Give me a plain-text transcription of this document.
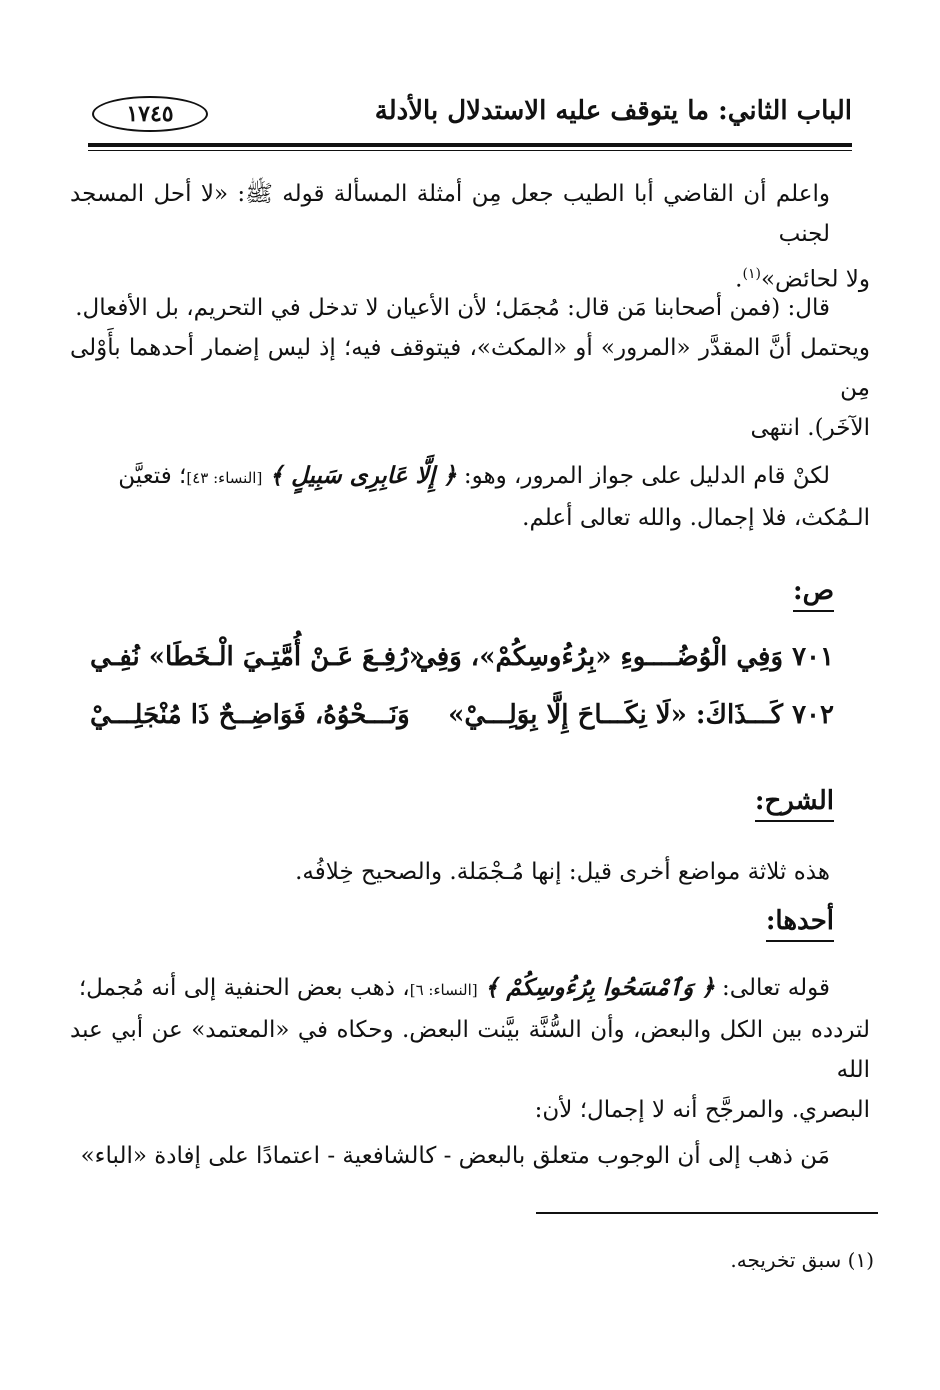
الباب الثاني: ما يتوقف عليه الاستدلال بالأدلة
١٧٤٥
واعلم أن القاضي أبا الطيب جعل مِن أمثلة المسألة قوله ﷺ: «لا أحل المسجد لجنب
ولا لحائض»$^{(١)}$.
قال: (فمن أصحابنا مَن قال: مُجمَل؛ لأن الأعيان لا تدخل في التحريم، بل الأفعال.
ويحتمل أنَّ المقدَّر «المرور» أو «المكث»، فيتوقف فيه؛ إذ ليس إضمار أحدهما بأَوْلى مِن
الآخَر). انتهى
لكنْ قام الدليل على جواز المرور، وهو: ﴿ إِلَّا عَابِرِى سَبِيلٍ ﴾ [النساء: ٤٣]؛ فتعيَّن
الـمُكث، فلا إجمال. والله تعالى أعلم.
ص:
٧٠١ وَفِي الْوُضُــــوءِ «بِرُءُوسِكُمْ»، وَفِي
«رُفِـعَ عَـنْ أُمَّتِـيَ الْـخَطَا» نُفِـي
٧٠٢ كَـــذَاكَ: «لَا نِكَـــاحَ إِلَّا بِوَلِـــيْ»
وَنَـــحْوُهُ، فَوَاضِــحٌ ذَا مُنْجَلِـــيْ
الشرح:
هذه ثلاثة مواضع أخرى قيل: إنها مُـجْمَلة. والصحيح خِلافُه.
أحدها:
قوله تعالى: ﴿ وَٱمْسَحُوا بِرُءُوسِكُمْ ﴾ [النساء: ٦]، ذهب بعض الحنفية إلى أنه مُجمل؛
لتردده بين الكل والبعض، وأن السُّنَّة بيَّنت البعض. وحكاه في «المعتمد» عن أبي عبد الله
البصري. والمرجَّح أنه لا إجمال؛ لأن:
مَن ذهب إلى أن الوجوب متعلق بالبعض - كالشافعية - اعتمادًا على إفادة «الباء»
(١) سبق تخريجه.
